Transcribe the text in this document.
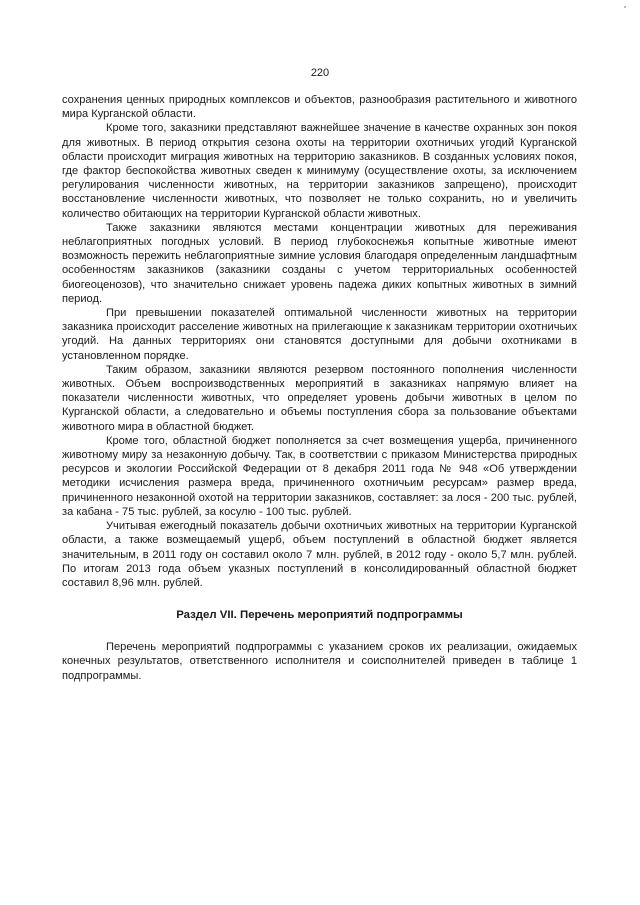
220

сохранения ценных природных комплексов и объектов, разнообразия растительного и животного мира Курганской области.

Кроме того, заказники представляют важнейшее значение в качестве охранных зон покоя для животных. В период открытия сезона охоты на территории охотничьих угодий Курганской области происходит миграция животных на территорию заказников. В созданных условиях покоя, где фактор беспокойства животных сведен к минимуму (осуществление охоты, за исключением регулирования численности животных, на территории заказников запрещено), происходит восстановление численности животных, что позволяет не только сохранить, но и увеличить количество обитающих на территории Курганской области животных.

Также заказники являются местами концентрации животных для переживания неблагоприятных погодных условий. В период глубокоснежья копытные животные имеют возможность пережить неблагоприятные зимние условия благодаря определенным ландшафтным особенностям заказников (заказники созданы с учетом территориальных особенностей биогеоценозов), что значительно снижает уровень падежа диких копытных животных в зимний период.

При превышении показателей оптимальной численности животных на территории заказника происходит расселение животных на прилегающие к заказникам территории охотничьих угодий. На данных территориях они становятся доступными для добычи охотниками в установленном порядке.

Таким образом, заказники являются резервом постоянного пополнения численности животных. Объем воспроизводственных мероприятий в заказниках напрямую влияет на показатели численности животных, что определяет уровень добычи животных в целом по Курганской области, а следовательно и объемы поступления сбора за пользование объектами животного мира в областной бюджет.

Кроме того, областной бюджет пополняется за счет возмещения ущерба, причиненного животному миру за незаконную добычу. Так, в соответствии с приказом Министерства природных ресурсов и экологии Российской Федерации от 8 декабря 2011 года № 948 «Об утверждении методики исчисления размера вреда, причиненного охотничьим ресурсам» размер вреда, причиненного незаконной охотой на территории заказников, составляет: за лося - 200 тыс. рублей, за кабана - 75 тыс. рублей, за косулю - 100 тыс. рублей.

Учитывая ежегодный показатель добычи охотничьих животных на территории Курганской области, а также возмещаемый ущерб, объем поступлений в областной бюджет является значительным, в 2011 году он составил около 7 млн. рублей, в 2012 году - около 5,7 млн. рублей. По итогам 2013 года объем указных поступлений в консолидированный областной бюджет составил 8,96 млн. рублей.

Раздел VII. Перечень мероприятий подпрограммы

Перечень мероприятий подпрограммы с указанием сроков их реализации, ожидаемых конечных результатов, ответственного исполнителя и соисполнителей приведен в таблице 1 подпрограммы.
